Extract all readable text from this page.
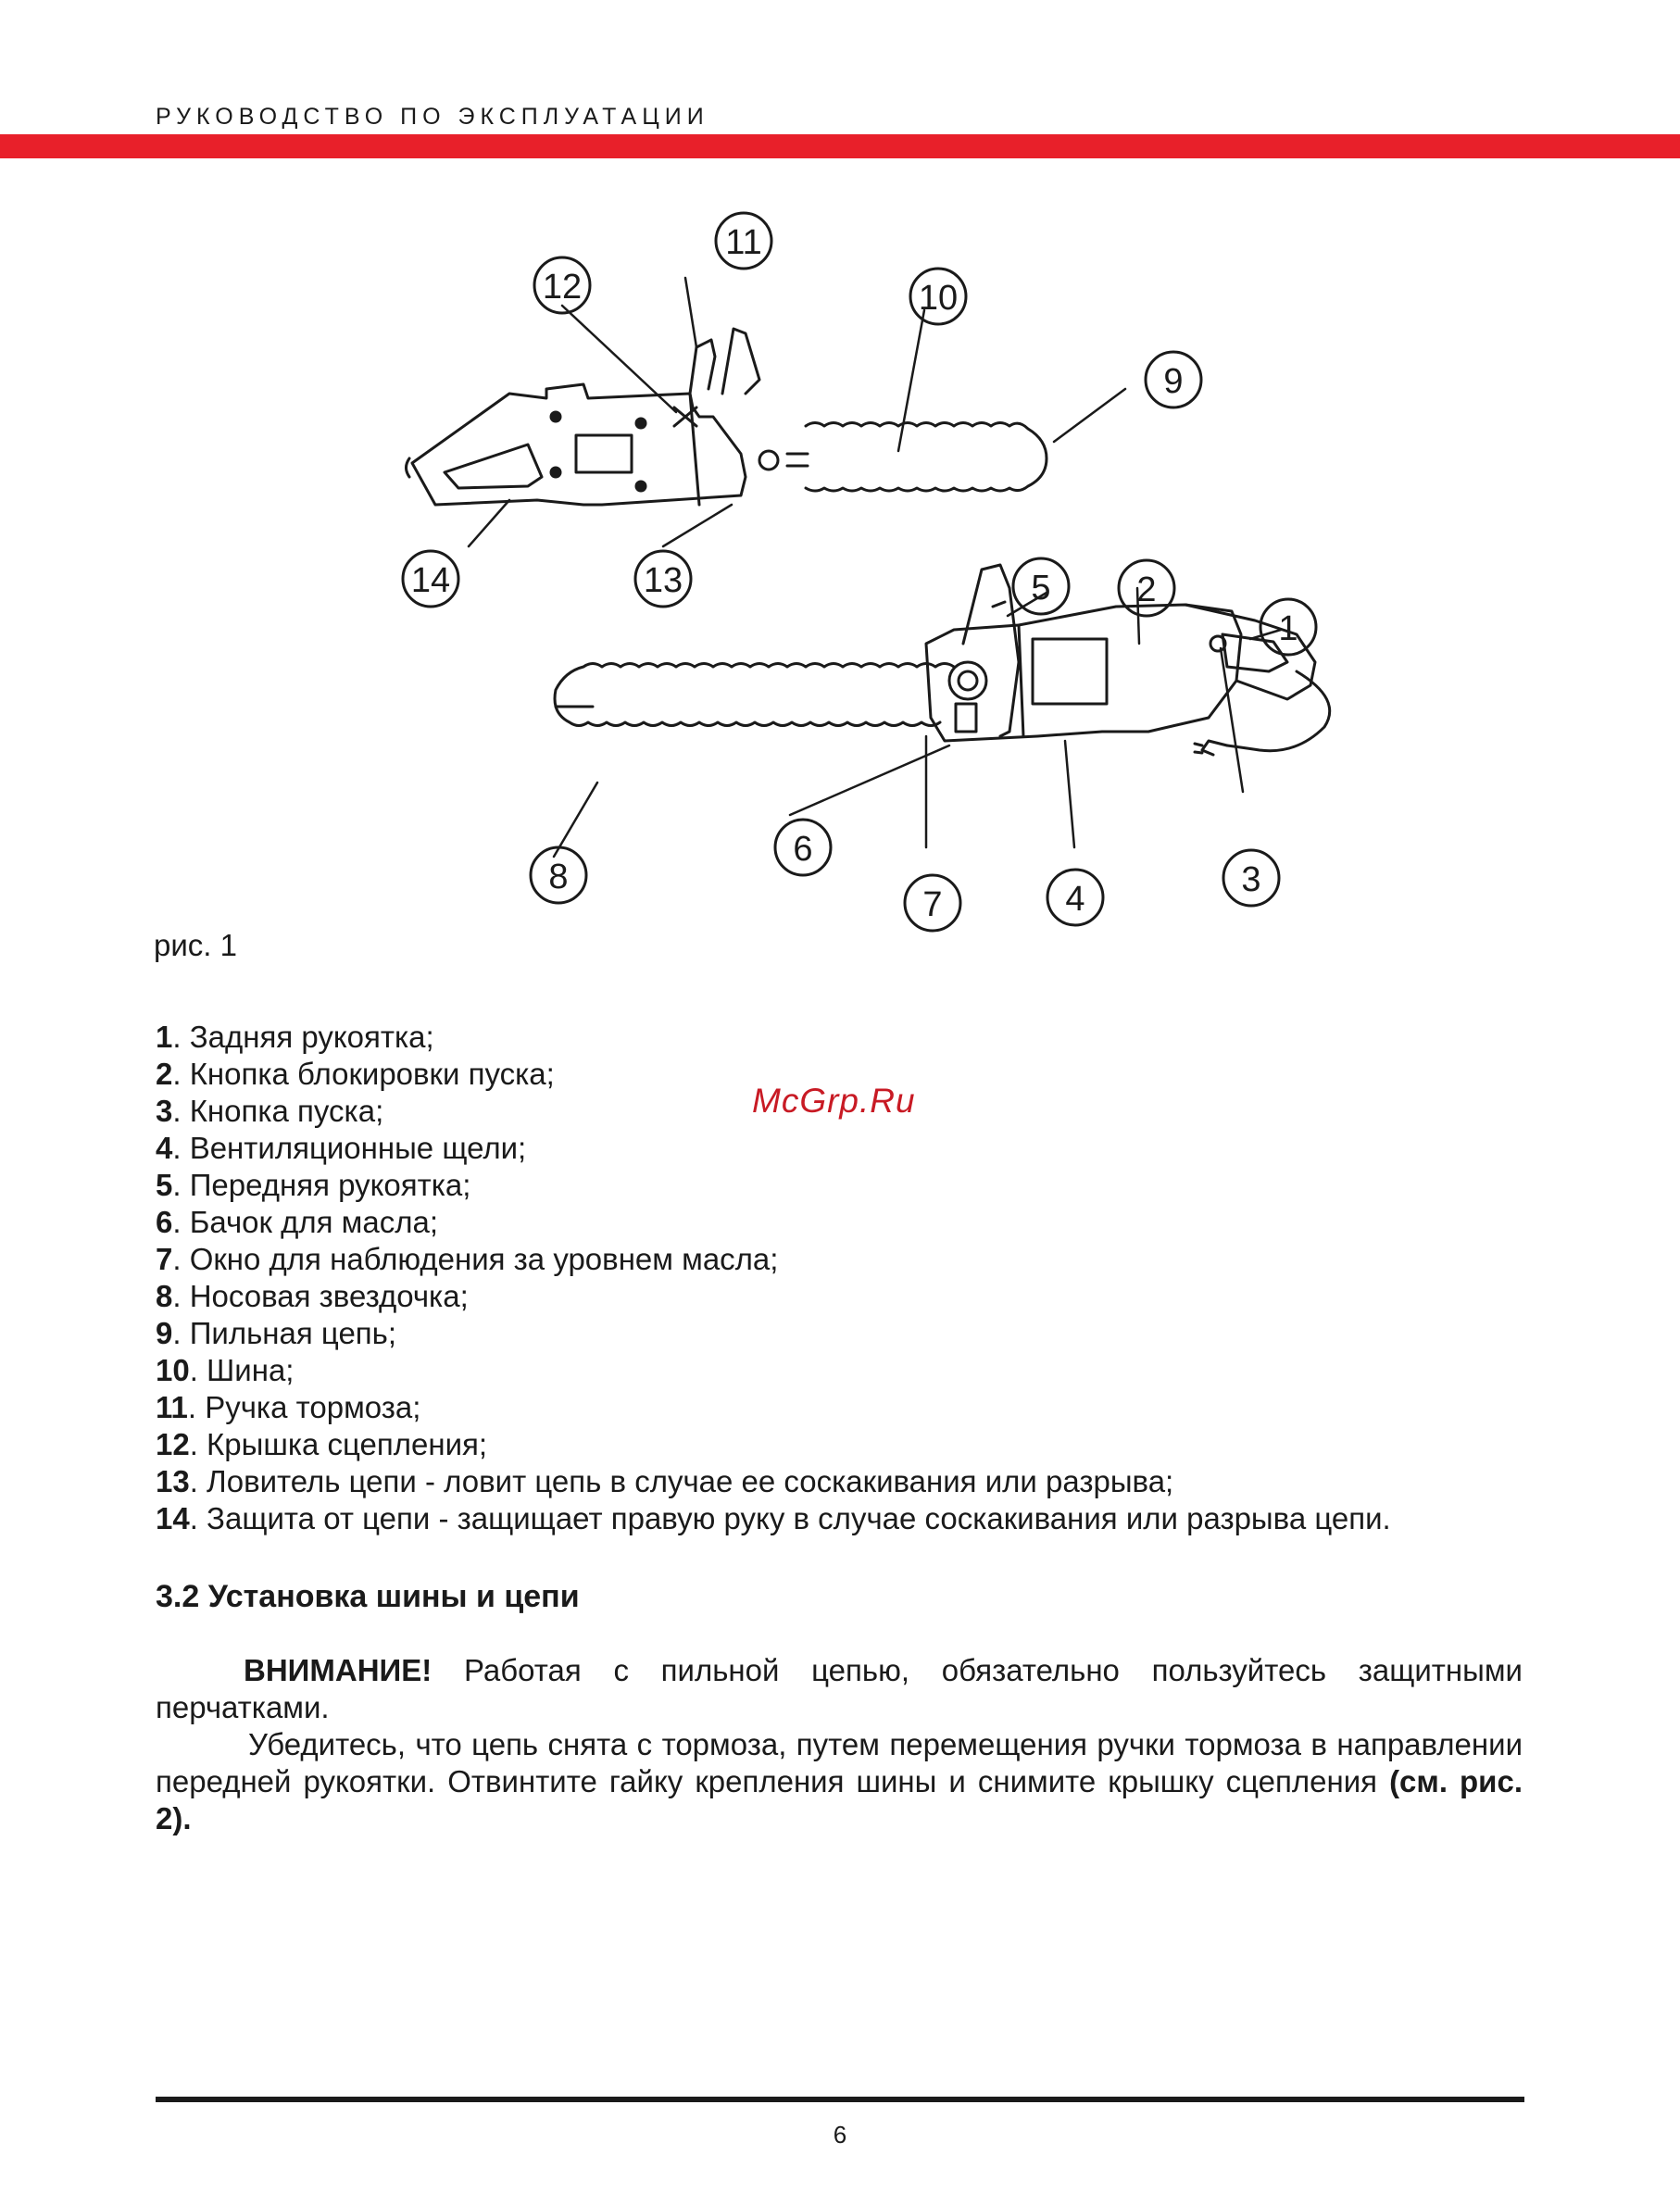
РУКОВОДСТВО ПО ЭКСПЛУАТАЦИИ
1
2
3
4
5
6
7
8
9
10
11
12
13
14
рис. 1
1. Задняя рукоятка;
2. Кнопка блокировки пуска;
3. Кнопка пуска;
4. Вентиляционные щели;
5. Передняя рукоятка;
6. Бачок для масла;
7. Окно для наблюдения за уровнем масла;
8. Носовая звездочка;
9. Пильная цепь;
10. Шина;
11. Ручка тормоза;
12. Крышка сцепления;
13. Ловитель цепи - ловит цепь в случае ее соскакивания или разрыва;
14. Защита от цепи - защищает правую руку в случае соскакивания или разрыва цепи.
McGrp.Ru
3.2 Установка шины и цепи

ВНИМАНИЕ! Работая с пильной цепью, обязательно пользуйтесь защитными перчатками.

Убедитесь, что цепь снята с тормоза, путем перемещения ручки тормоза в направлении передней рукоятки. Отвинтите гайку крепления шины и снимите крышку сцепления (см. рис. 2).

6
